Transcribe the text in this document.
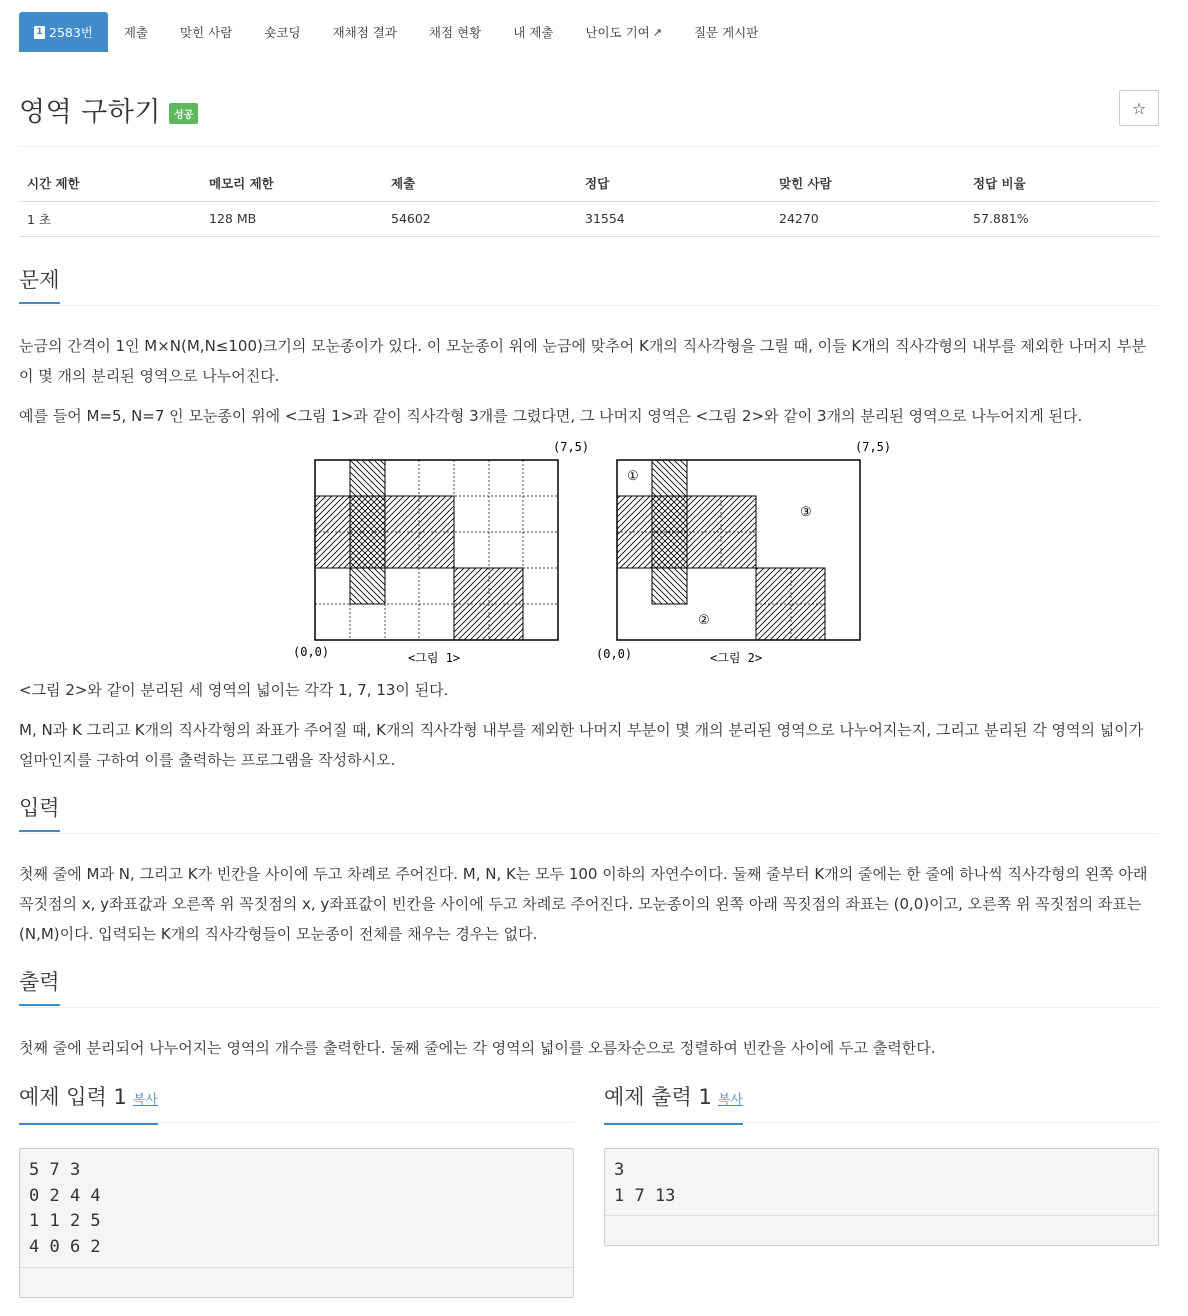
1 2583번 제출	맞힌 사람	숏코딩	재채점 결과	채점 현황	내 제출	난이도 기여 ↗	질문 게시판
영역 구하기	성공	☆
시간 제한	메모리 제한	제출	정답	맞힌 사람	정답 비율
1 초	128 MB	54602	31554	24270	57.881%
문제

눈금의 간격이 1인 M×N(M,N≤100)크기의 모눈종이가 있다. 이 모눈종이 위에 눈금에 맞추어 K개의 직사각형을 그릴 때, 이들 K개의 직사각형의 내부를 제외한 나머지 부분이 몇 개의 분리된 영역으로 나누어진다.

예를 들어 M=5, N=7 인 모눈종이 위에 <그림 1>과 같이 직사각형 3개를 그렸다면, 그 나머지 영역은 <그림 2>와 같이 3개의 분리된 영역으로 나누어지게 된다.

(7,5)
(0,0)	<그림 1>
(7,5)
(0,0)	<그림 2>
①
②
③

<그림 2>와 같이 분리된 세 영역의 넓이는 각각 1, 7, 13이 된다.

M, N과 K 그리고 K개의 직사각형의 좌표가 주어질 때, K개의 직사각형 내부를 제외한 나머지 부분이 몇 개의 분리된 영역으로 나누어지는지, 그리고 분리된 각 영역의 넓이가 얼마인지를 구하여 이를 출력하는 프로그램을 작성하시오.

입력

첫째 줄에 M과 N, 그리고 K가 빈칸을 사이에 두고 차례로 주어진다. M, N, K는 모두 100 이하의 자연수이다. 둘째 줄부터 K개의 줄에는 한 줄에 하나씩 직사각형의 왼쪽 아래 꼭짓점의 x, y좌표값과 오른쪽 위 꼭짓점의 x, y좌표값이 빈칸을 사이에 두고 차례로 주어진다. 모눈종이의 왼쪽 아래 꼭짓점의 좌표는 (0,0)이고, 오른쪽 위 꼭짓점의 좌표는(N,M)이다. 입력되는 K개의 직사각형들이 모눈종이 전체를 채우는 경우는 없다.

출력

첫째 줄에 분리되어 나누어지는 영역의 개수를 출력한다. 둘째 줄에는 각 영역의 넓이를 오름차순으로 정렬하여 빈칸을 사이에 두고 출력한다.

예제 입력 1 복사	예제 출력 1 복사
5 7 3
0 2 4 4
1 1 2 5
4 0 6 2
3
1 7 13
